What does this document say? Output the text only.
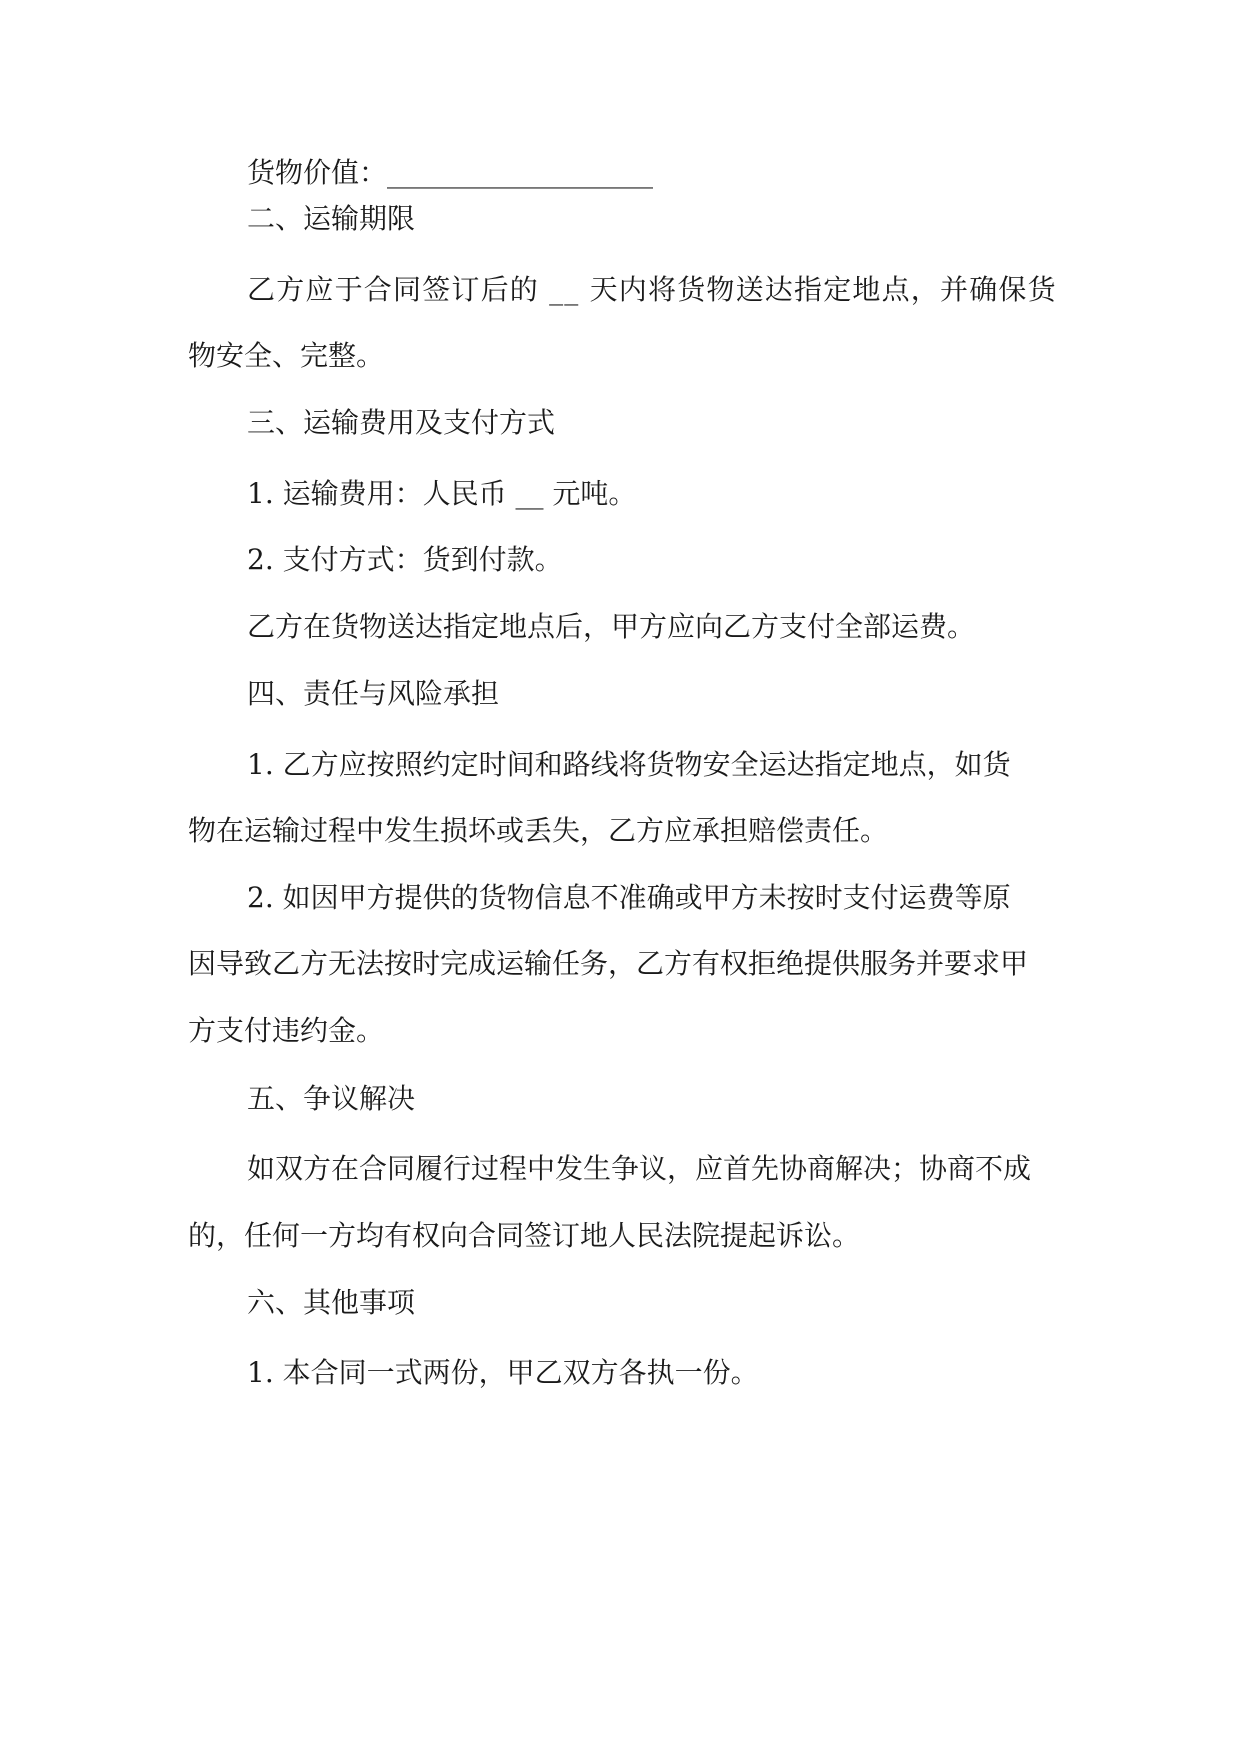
货物价值：___________________
二、运输期限
乙方应于合同签订后的 __ 天内将货物送达指定地点，并确保货
物安全、完整。
三、运输费用及支付方式
1. 运输费用：人民币 __ 元吨。
2. 支付方式：货到付款。
乙方在货物送达指定地点后，甲方应向乙方支付全部运费。
四、责任与风险承担
1. 乙方应按照约定时间和路线将货物安全运达指定地点，如货
物在运输过程中发生损坏或丢失，乙方应承担赔偿责任。
2. 如因甲方提供的货物信息不准确或甲方未按时支付运费等原
因导致乙方无法按时完成运输任务，乙方有权拒绝提供服务并要求甲
方支付违约金。
五、争议解决
如双方在合同履行过程中发生争议，应首先协商解决；协商不成
的，任何一方均有权向合同签订地人民法院提起诉讼。
六、其他事项
1. 本合同一式两份，甲乙双方各执一份。
